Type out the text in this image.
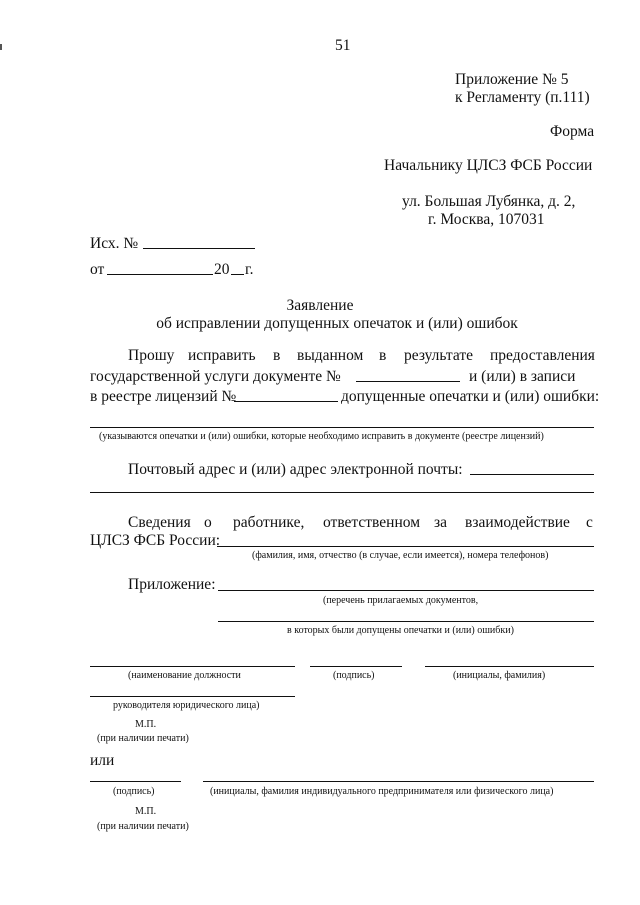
51
Приложение № 5
к Регламенту (п.111)
Форма
Начальнику ЦЛСЗ ФСБ России
ул. Большая Лубянка, д. 2,
г. Москва, 107031
Исх. №
от	20 г.
Заявление
об исправлении допущенных опечаток и (или) ошибок
Прошу исправить в выданном в результате предоставления
государственной услуги документе №	и (или) в записи
в реестре лицензий №	допущенные опечатки и (или) ошибки:
(указываются опечатки и (или) ошибки, которые необходимо исправить в документе (реестре лицензий)
Почтовый адрес и (или) адрес электронной почты:
Сведения о работнике, ответственном за взаимодействие с
ЦЛСЗ ФСБ России:
(фамилия, имя, отчество (в случае, если имеется), номера телефонов)
Приложение:
(перечень прилагаемых документов,
в которых были допущены опечатки и (или) ошибки)
(наименование должности	(подпись)	(инициалы, фамилия)
руководителя юридического лица)
М.П.
(при наличии печати)
или
(подпись)	(инициалы, фамилия индивидуального предпринимателя или физического лица)
М.П.
(при наличии печати)
